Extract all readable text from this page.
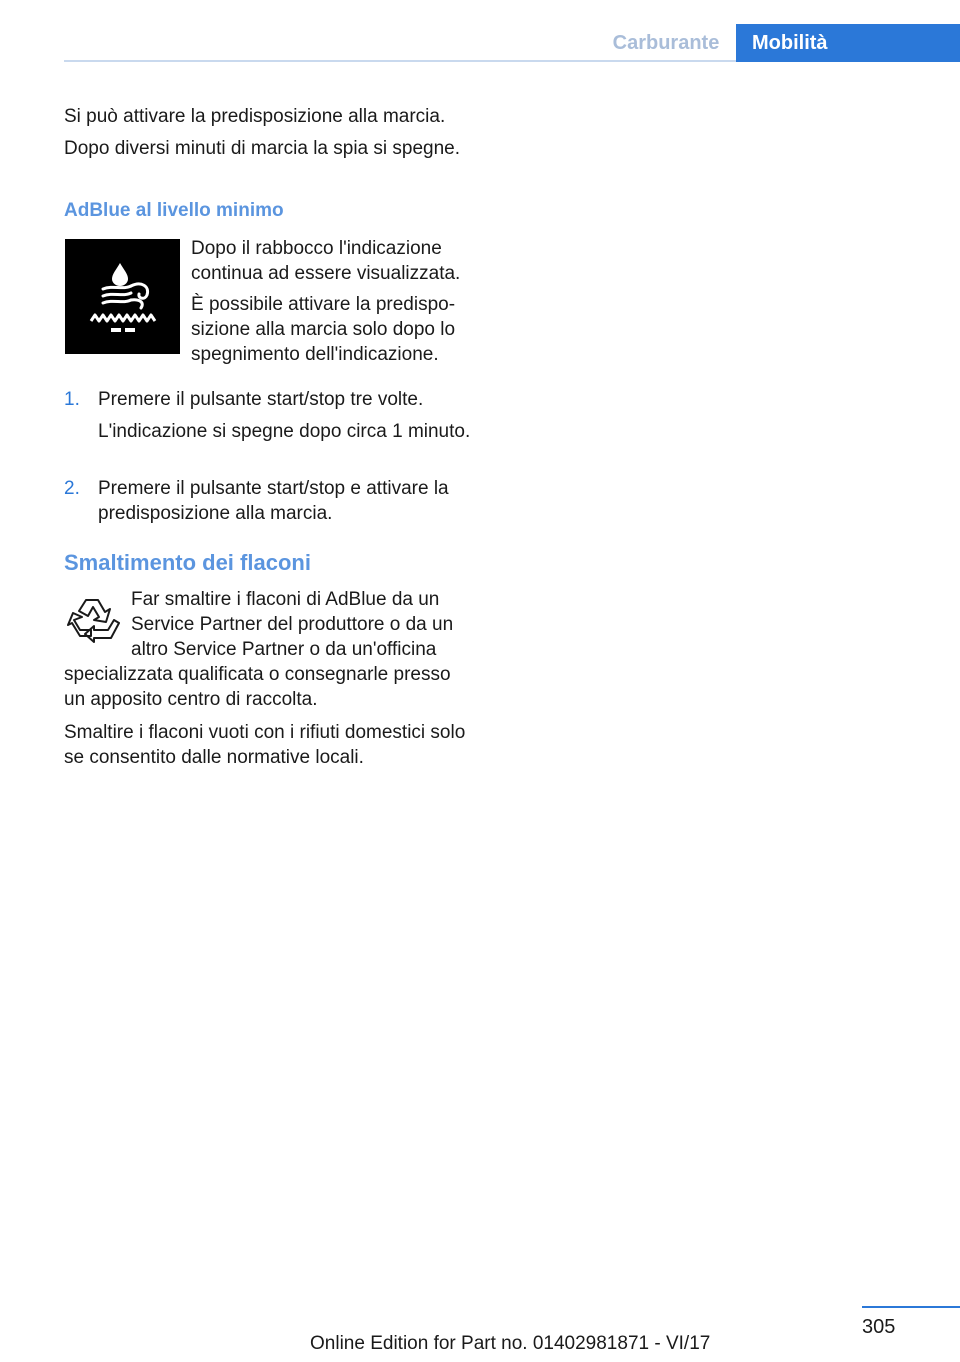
Carburante	Mobilità

Si può attivare la predisposizione alla marcia.

Dopo diversi minuti di marcia la spia si spegne.

AdBlue al livello minimo

Dopo il rabbocco l'indicazione continua ad essere visualizzata.

È possibile attivare la predisposizione alla marcia solo dopo lo spegnimento dell'indicazione.

1. Premere il pulsante start/stop tre volte.

L'indicazione si spegne dopo circa 1 minuto.

2. Premere il pulsante start/stop e attivare la predisposizione alla marcia.

Smaltimento dei flaconi
Far smaltire i flaconi di AdBlue da un Service Partner del produttore o da un altro Service Partner o da un'officina specializzata qualificata o consegnarle presso un apposito centro di raccolta.

Smaltire i flaconi vuoti con i rifiuti domestici solo se consentito dalle normative locali.

305
Online Edition for Part no. 01402981871 - VI/17
